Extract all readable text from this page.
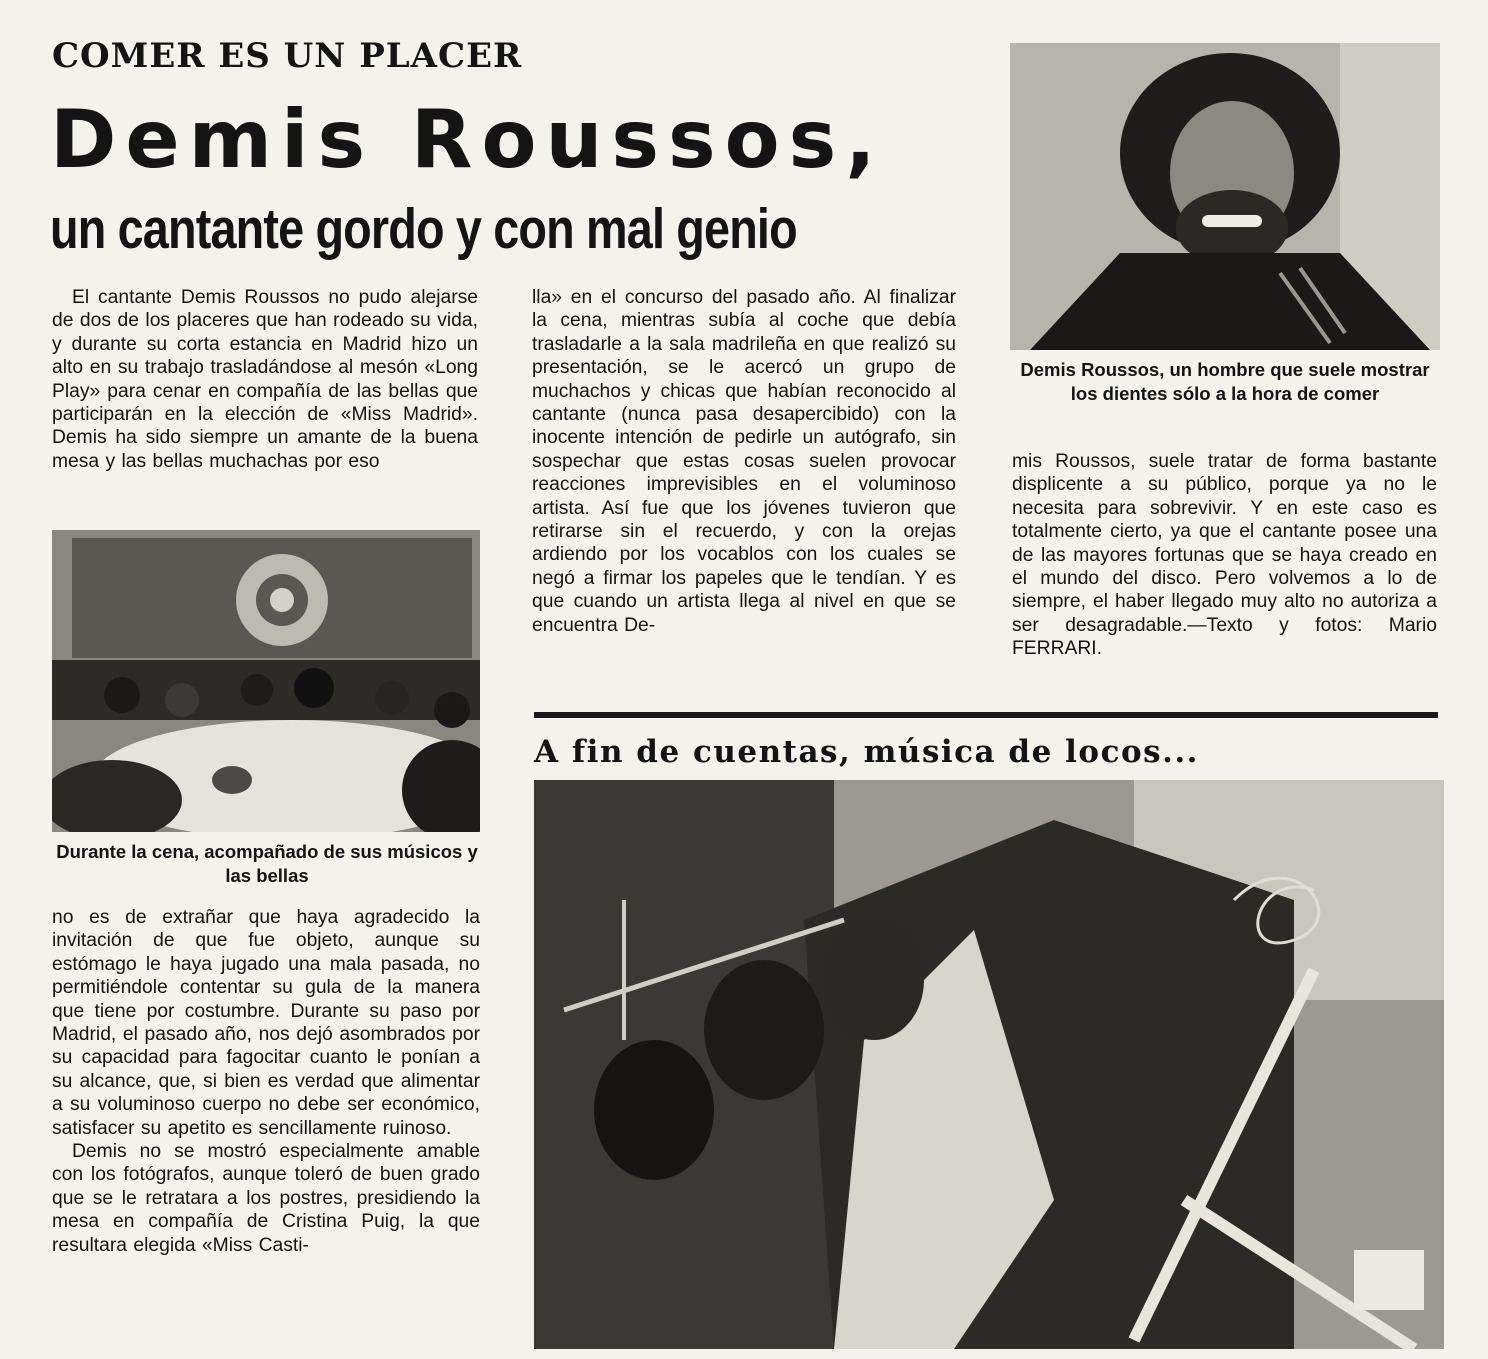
COMER ES UN PLACER
Demis Roussos,
un cantante gordo y con mal genio

El cantante Demis Roussos no pudo alejarse de dos de los placeres que han rodeado su vida, y durante su corta estancia en Madrid hizo un alto en su trabajo trasladándose al mesón «Long Play» para cenar en compañía de las bellas que participarán en la elección de «Miss Madrid». Demis ha sido siempre un amante de la buena mesa y las bellas muchachas por eso

Durante la cena, acompañado de sus músicos y las bellas

no es de extrañar que haya agradecido la invitación de que fue objeto, aunque su estómago le haya jugado una mala pasada, no permitiéndole contentar su gula de la manera que tiene por costumbre. Durante su paso por Madrid, el pasado año, nos dejó asombrados por su capacidad para fagocitar cuanto le ponían a su alcance, que, si bien es verdad que alimentar a su voluminoso cuerpo no debe ser económico, satisfacer su apetito es sencillamente ruinoso.

Demis no se mostró especialmente amable con los fotógrafos, aunque toleró de buen grado que se le retratara a los postres, presidiendo la mesa en compañía de Cristina Puig, la que resultara elegida «Miss Casti-

lla» en el concurso del pasado año. Al finalizar la cena, mientras subía al coche que debía trasladarle a la sala madrileña en que realizó su presentación, se le acercó un grupo de muchachos y chicas que habían reconocido al cantante (nunca pasa desapercibido) con la inocente intención de pedirle un autógrafo, sin sospechar que estas cosas suelen provocar reacciones imprevisibles en el voluminoso artista. Así fue que los jóvenes tuvieron que retirarse sin el recuerdo, y con la orejas ardiendo por los vocablos con los cuales se negó a firmar los papeles que le tendían. Y es que cuando un artista llega al nivel en que se encuentra De-

Demis Roussos, un hombre que suele mostrar los dientes sólo a la hora de comer

mis Roussos, suele tratar de forma bastante displicente a su público, porque ya no le necesita para sobrevivir. Y en este caso es totalmente cierto, ya que el cantante posee una de las mayores fortunas que se haya creado en el mundo del disco. Pero volvemos a lo de siempre, el haber llegado muy alto no autoriza a ser desagradable.—Texto y fotos: Mario FERRARI.

A fin de cuentas, música de locos...
